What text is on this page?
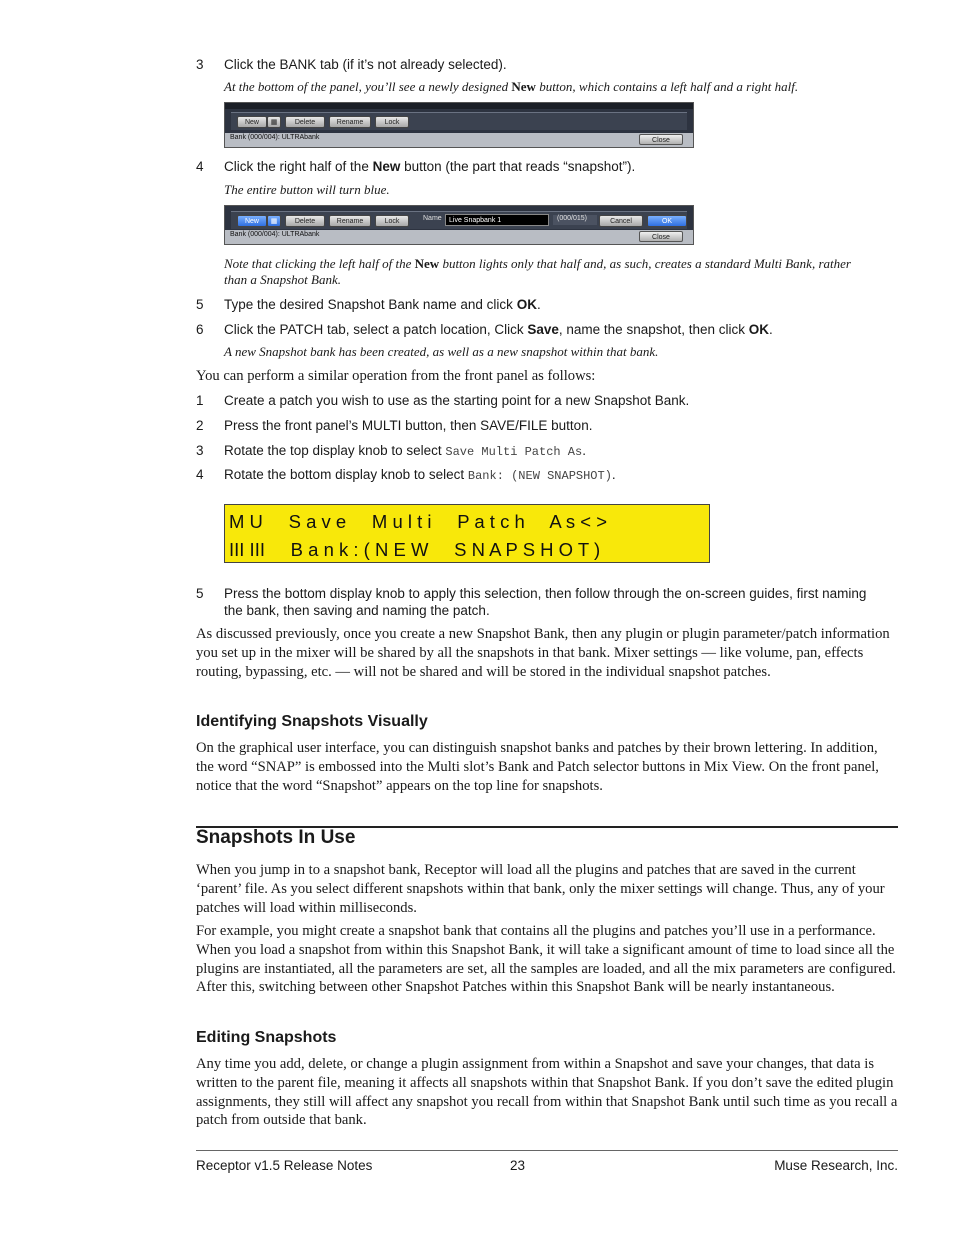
3 Click the BANK tab (if it’s not already selected).
At the bottom of the panel, you’ll see a newly designed New button, which contains a left half and a right half.
New	▦	Delete	Rename	Lock
Bank (000/004): ULTRAbank	Close
4 Click the right half of the New button (the part that reads “snapshot”).
The entire button will turn blue.
New	▦	Delete	Rename	Lock	Name	Live Snapbank 1	(000/015)	Cancel	OK
Bank (000/004): ULTRAbank	Close
Note that clicking the left half of the New button lights only that half and, as such, creates a standard Multi Bank, rather than a Snapshot Bank.
5 Type the desired Snapshot Bank name and click OK.
6 Click the PATCH tab, select a patch location, Click Save, name the snapshot, then click OK.
A new Snapshot bank has been created, as well as a new snapshot within that bank.
You can perform a similar operation from the front panel as follows:
1 Create a patch you wish to use as the starting point for a new Snapshot Bank.
2 Press the front panel’s MULTI button, then SAVE/FILE button.
3 Rotate the top display knob to select Save Multi Patch As.
4 Rotate the bottom display knob to select Bank: (NEW SNAPSHOT).
M U     S a v e     M u l t i     P a t c h     A s < >
III III     B a n k : ( N E W     S N A P S H O T )
5 Press the bottom display knob to apply this selection, then follow through the on-screen guides, first naming the bank, then saving and naming the patch.
As discussed previously, once you create a new Snapshot Bank, then any plugin or plugin parameter/patch information you set up in the mixer will be shared by all the snapshots in that bank. Mixer settings — like volume, pan, effects routing, bypassing, etc. — will not be shared and will be stored in the individual snapshot patches.
Identifying Snapshots Visually
On the graphical user interface, you can distinguish snapshot banks and patches by their brown lettering. In addition, the word “SNAP” is embossed into the Multi slot’s Bank and Patch selector buttons in Mix View. On the front panel, notice that the word “Snapshot” appears on the top line for snapshots.
Snapshots In Use
When you jump in to a snapshot bank, Receptor will load all the plugins and patches that are saved in the current ‘parent’ file. As you select different snapshots within that bank, only the mixer settings will change. Thus, any of your patches will load within milliseconds.
For example, you might create a snapshot bank that contains all the plugins and patches you’ll use in a performance. When you load a snapshot from within this Snapshot Bank, it will take a significant amount of time to load since all the plugins are instantiated, all the parameters are set, all the samples are loaded, and all the mix parameters are configured. After this, switching between other Snapshot Patches within this Snapshot Bank will be nearly instantaneous.
Editing Snapshots
Any time you add, delete, or change a plugin assignment from within a Snapshot and save your changes, that data is written to the parent file, meaning it affects all snapshots within that Snapshot Bank. If you don’t save the edited plugin assignments, they still will affect any snapshot you recall from within that Snapshot Bank until such time as you recall a patch from outside that bank.
Receptor v1.5 Release Notes	23	Muse Research, Inc.
